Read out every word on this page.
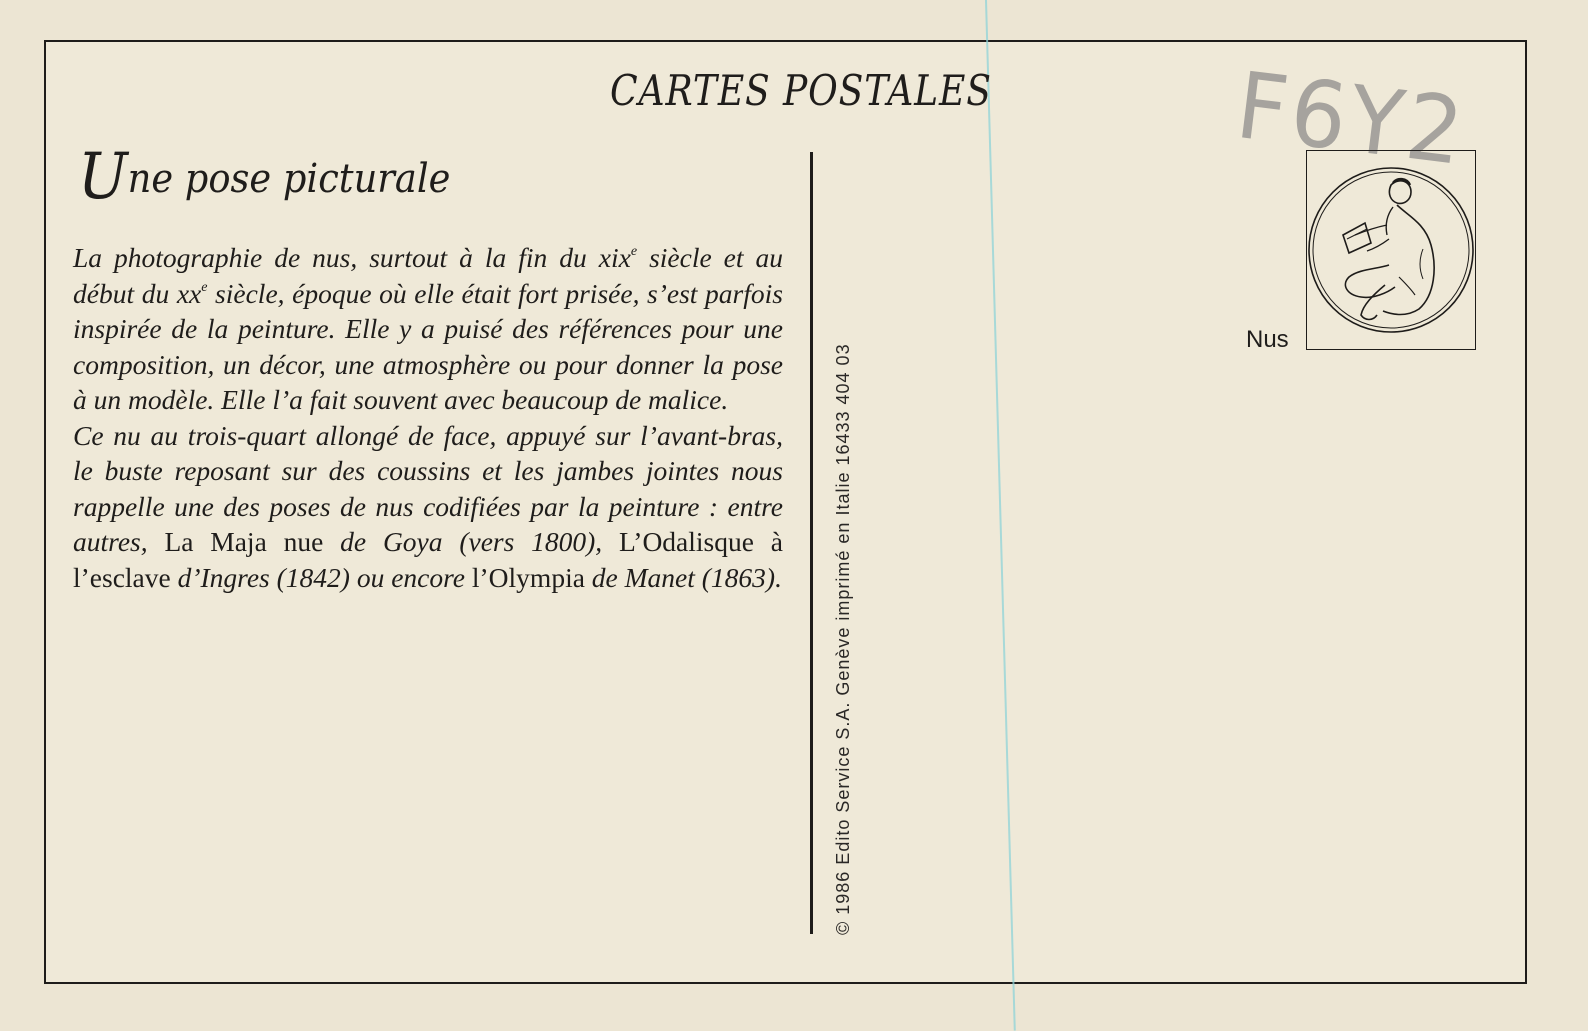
CARTES POSTALES
Une pose picturale

La photographie de nus, surtout à la fin du xix$^e$ siècle et au début du $xx^e$ siècle, époque où elle était fort prisée, s’est parfois inspirée de la peinture. Elle y a puisé des références pour une composition, un décor, une atmosphère ou pour donner la pose à un modèle. Elle l’a fait souvent avec beaucoup de malice.

Ce nu au trois-quart allongé de face, appuyé sur l’avant-bras, le buste reposant sur des coussins et les jambes jointes nous rappelle une des poses de nus codifiées par la peinture : entre autres, La Maja nue de Goya (vers 1800), L’Odalisque à l’esclave d’Ingres (1842) ou encore l’Olympia de Manet (1863).	© 1986 Edito Service S.A. Genève imprimé en Italie 16433 404 03
F6Y2
Nus
